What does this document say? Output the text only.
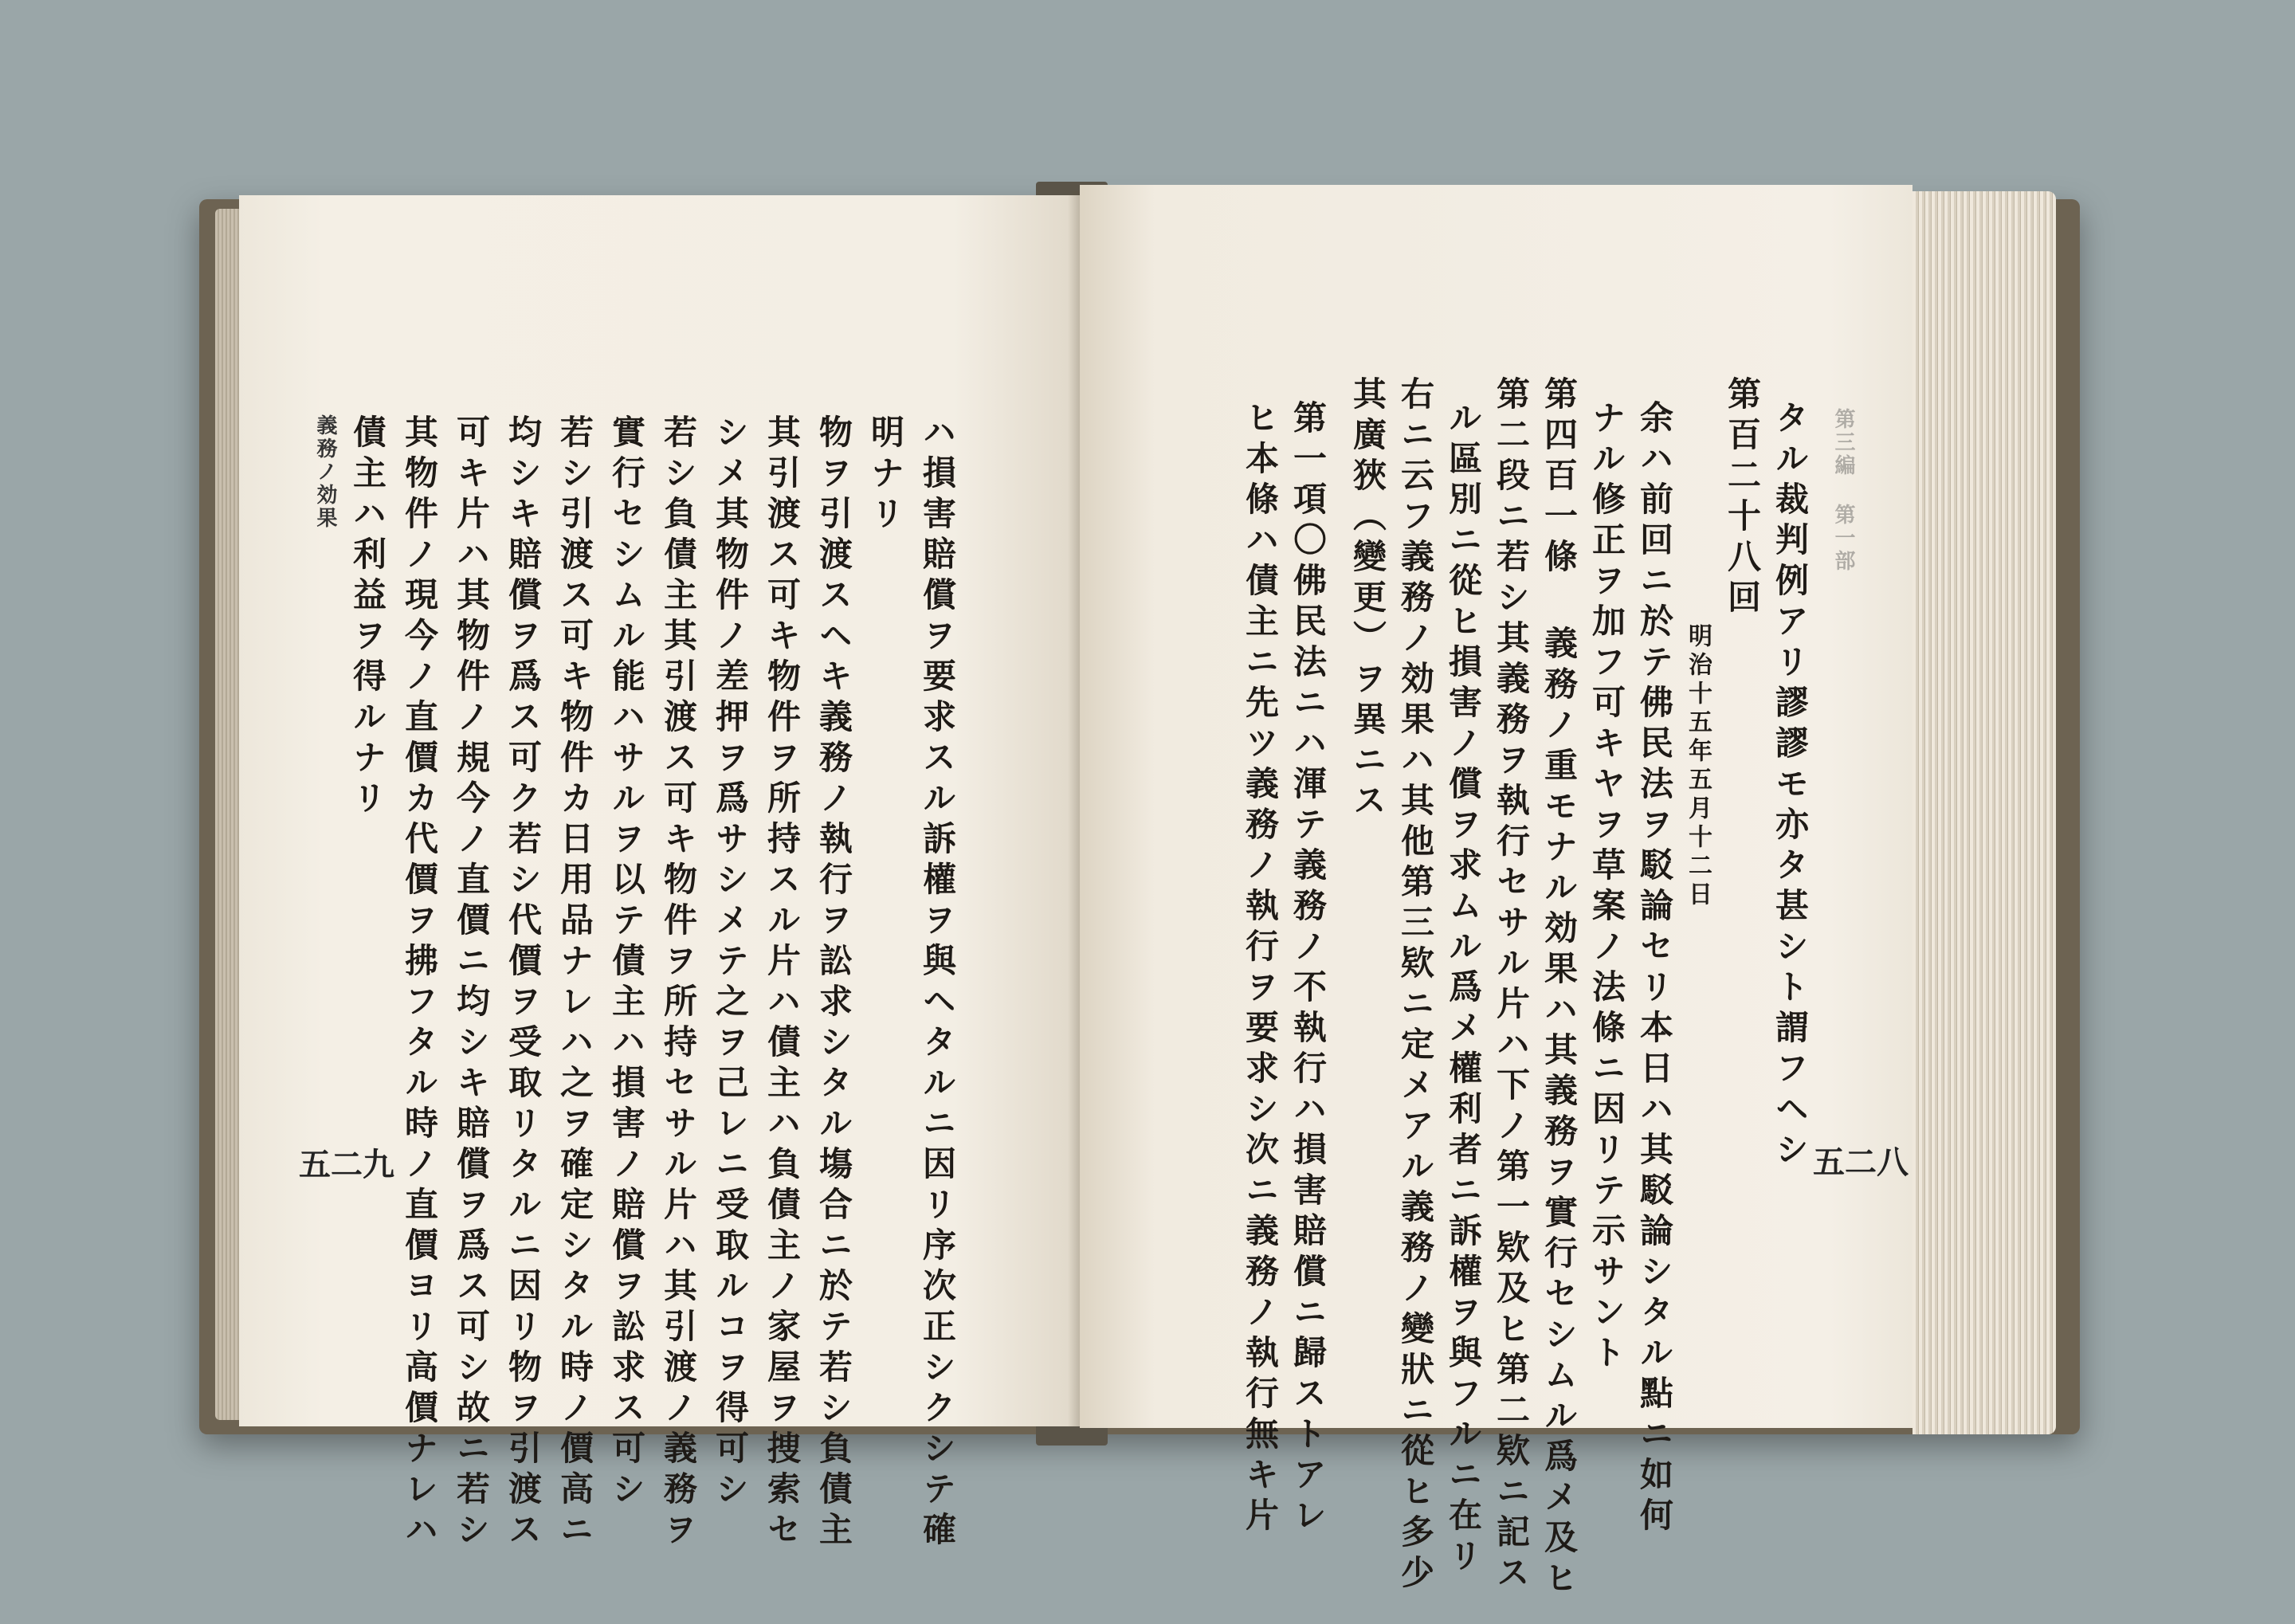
義務ノ効果	ハ損害賠償ヲ要求スル訴權ヲ與ヘタルニ因リ序次正シクシテ確
明ナリ
物ヲ引渡スヘキ義務ノ執行ヲ訟求シタル塲合ニ於テ若シ負債主
其引渡ス可キ物件ヲ所持スル片ハ債主ハ負債主ノ家屋ヲ捜索セ
シメ其物件ノ差押ヲ爲サシメテ之ヲ己レニ受取ルコヲ得可シ
若シ負債主其引渡ス可キ物件ヲ所持セサル片ハ其引渡ノ義務ヲ
實行セシムル能ハサルヲ以テ債主ハ損害ノ賠償ヲ訟求ス可シ
若シ引渡ス可キ物件カ日用品ナレハ之ヲ確定シタル時ノ價高ニ
均シキ賠償ヲ爲ス可ク若シ代價ヲ受取リタルニ因リ物ヲ引渡ス
可キ片ハ其物件ノ規今ノ直價ニ均シキ賠償ヲ爲ス可シ故ニ若シ
其物件ノ現今ノ直價カ代價ヲ拂フタル時ノ直價ヨリ高價ナレハ
債主ハ利益ヲ得ルナリ
五二九	タル裁判例アリ謬謬モ亦タ甚シト謂フヘシ
第百二十八回
明治十五年五月十二日
余ハ前回ニ於テ佛民法ヲ駁論セリ本日ハ其駁論シタル點ニ如何
ナル修正ヲ加フ可キヤヲ草案ノ法條ニ因リテ示サント
第四百一條 義務ノ重モナル効果ハ其義務ヲ實行セシムル爲メ及ヒ
第二段ニ若シ其義務ヲ執行セサル片ハ下ノ第一欵及ヒ第二欵ニ記ス
ル區別ニ從ヒ損害ノ償ヲ求ムル爲メ權利者ニ訴權ヲ與フルニ在リ
右ニ云フ義務ノ効果ハ其他第三欵ニ定メアル義務ノ變狀ニ從ヒ多少
其廣狹（變更）ヲ異ニス
第一項〇佛民法ニハ渾テ義務ノ不執行ハ損害賠償ニ歸ストアレ
ヒ本條ハ債主ニ先ツ義務ノ執行ヲ要求シ次ニ義務ノ執行無キ片	五二八
第三編 第一部
